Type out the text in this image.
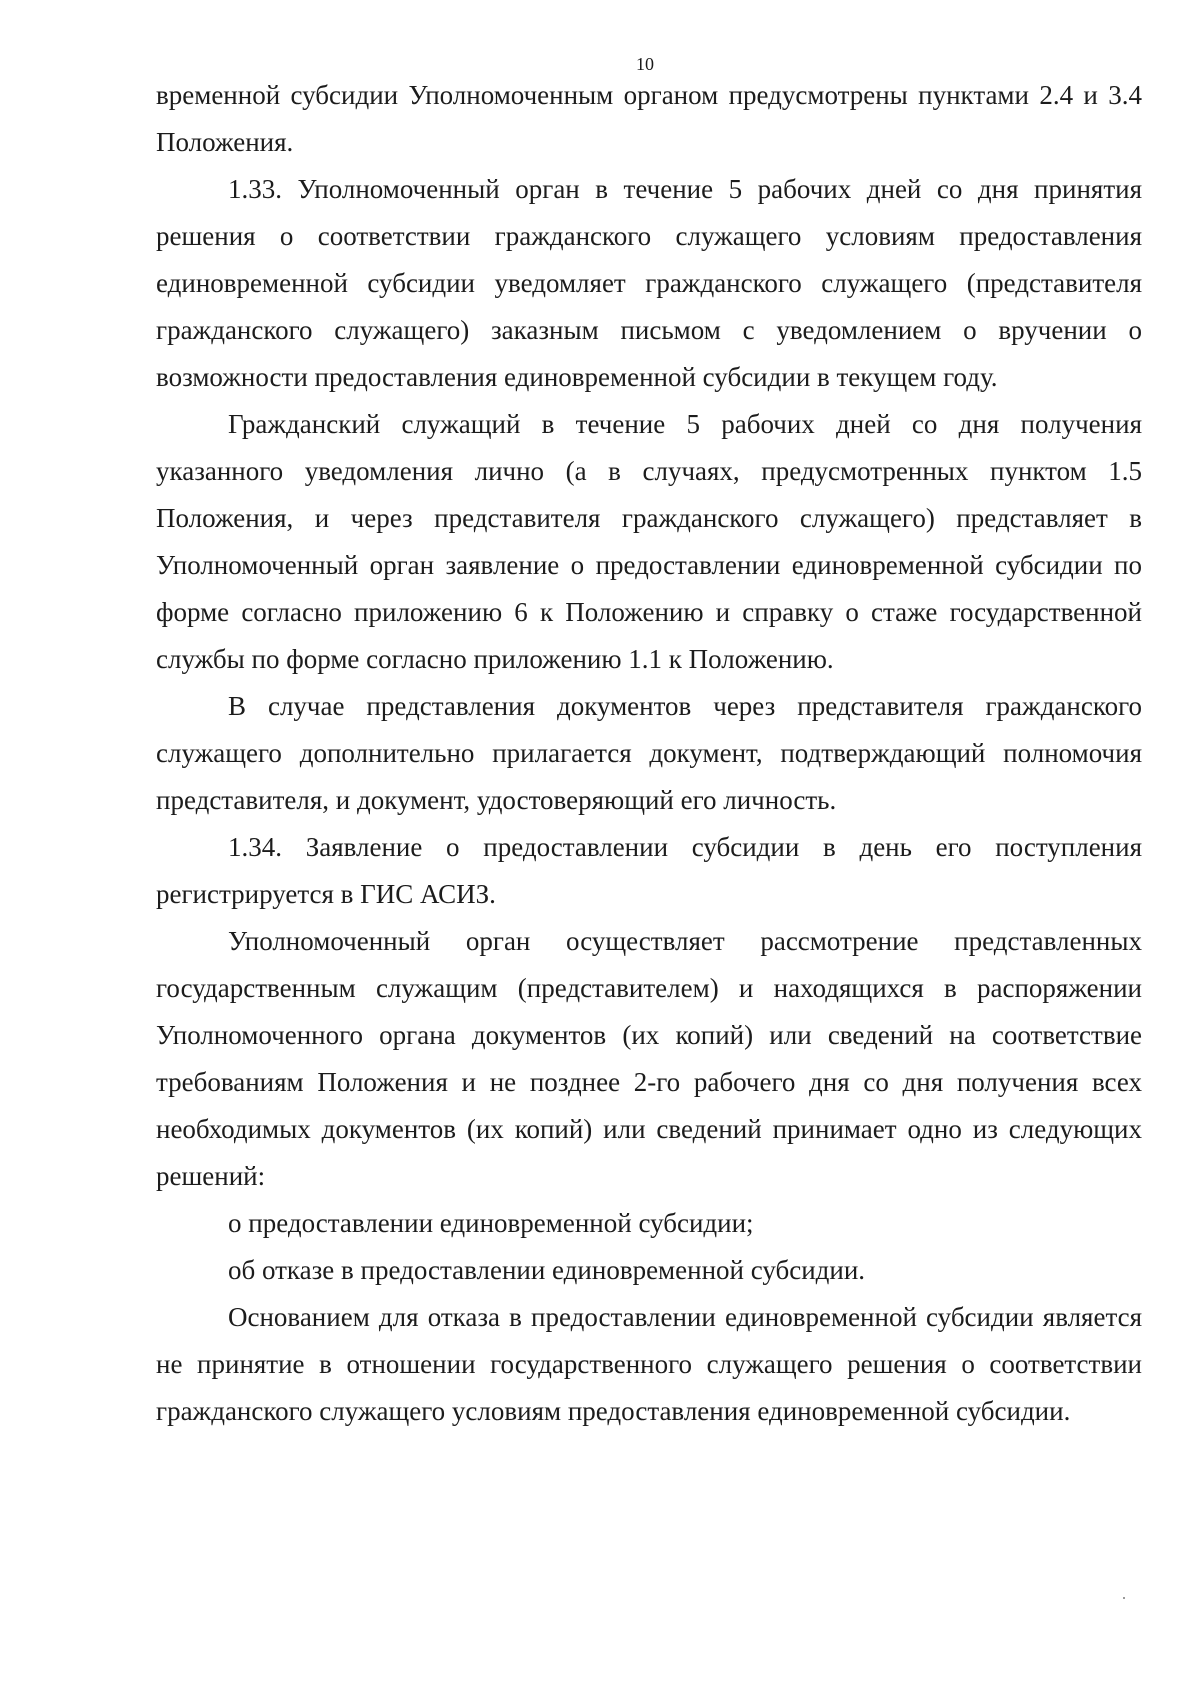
10

временной субсидии Уполномоченным органом предусмотрены пунктами 2.4 и 3.4 Положения.

1.33. Уполномоченный орган в течение 5 рабочих дней со дня принятия решения о соответствии гражданского служащего условиям предоставления единовременной субсидии уведомляет гражданского служащего (представителя гражданского служащего) заказным письмом с уведомлением о вручении о возможности предоставления единовременной субсидии в текущем году.

Гражданский служащий в течение 5 рабочих дней со дня получения указанного уведомления лично (а в случаях, предусмотренных пунктом 1.5 Положения, и через представителя гражданского служащего) представляет в Уполномоченный орган заявление о предоставлении единовременной субсидии по форме согласно приложению 6 к Положению и справку о стаже государственной службы по форме согласно приложению 1.1 к Положению.

В случае представления документов через представителя гражданского служащего дополнительно прилагается документ, подтверждающий полномочия представителя, и документ, удостоверяющий его личность.

1.34. Заявление о предоставлении субсидии в день его поступления регистрируется в ГИС АСИЗ.

Уполномоченный орган осуществляет рассмотрение представленных государственным служащим (представителем) и находящихся в распоряжении Уполномоченного органа документов (их копий) или сведений на соответствие требованиям Положения и не позднее 2-го рабочего дня со дня получения всех необходимых документов (их копий) или сведений принимает одно из следующих решений:

о предоставлении единовременной субсидии;

об отказе в предоставлении единовременной субсидии.

Основанием для отказа в предоставлении единовременной субсидии является не принятие в отношении государственного служащего решения о соответствии гражданского служащего условиям предоставления единовременной субсидии.
